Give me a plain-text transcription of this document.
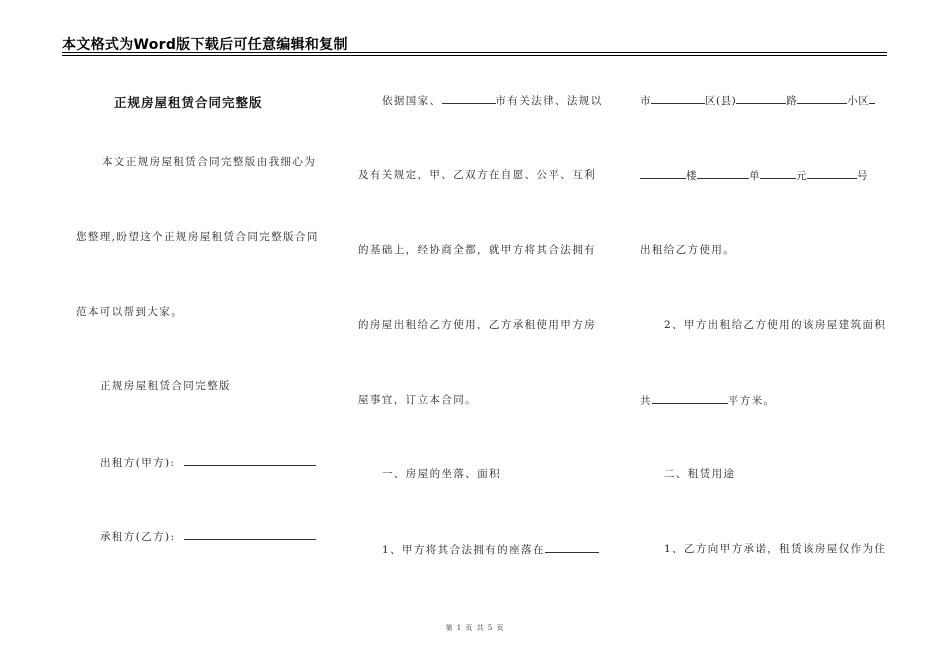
本文格式为Word版下载后可任意编辑和复制
正规房屋租赁合同完整版
本文正规房屋租赁合同完整版由我细心为
您整理,盼望这个正规房屋租赁合同完整版合同
范本可以帮到大家。
正规房屋租赁合同完整版
出租方(甲方):
承租方(乙方):
依据国家、	市有关法律、法规以
及有关规定，甲、乙双方在自愿、公平、互利
的基础上，经协商全都，就甲方将其合法拥有
的房屋出租给乙方使用，乙方承租使用甲方房
屋事宜，订立本合同。
一、房屋的坐落、面积
1、甲方将其合法拥有的座落在
市	区(县)	路	小区
楼	单	元	号
出租给乙方使用。
2、甲方出租给乙方使用的该房屋建筑面积
共	平方米。
二、租赁用途
1、乙方向甲方承诺，租赁该房屋仅作为住
第 1 页 共 5 页
